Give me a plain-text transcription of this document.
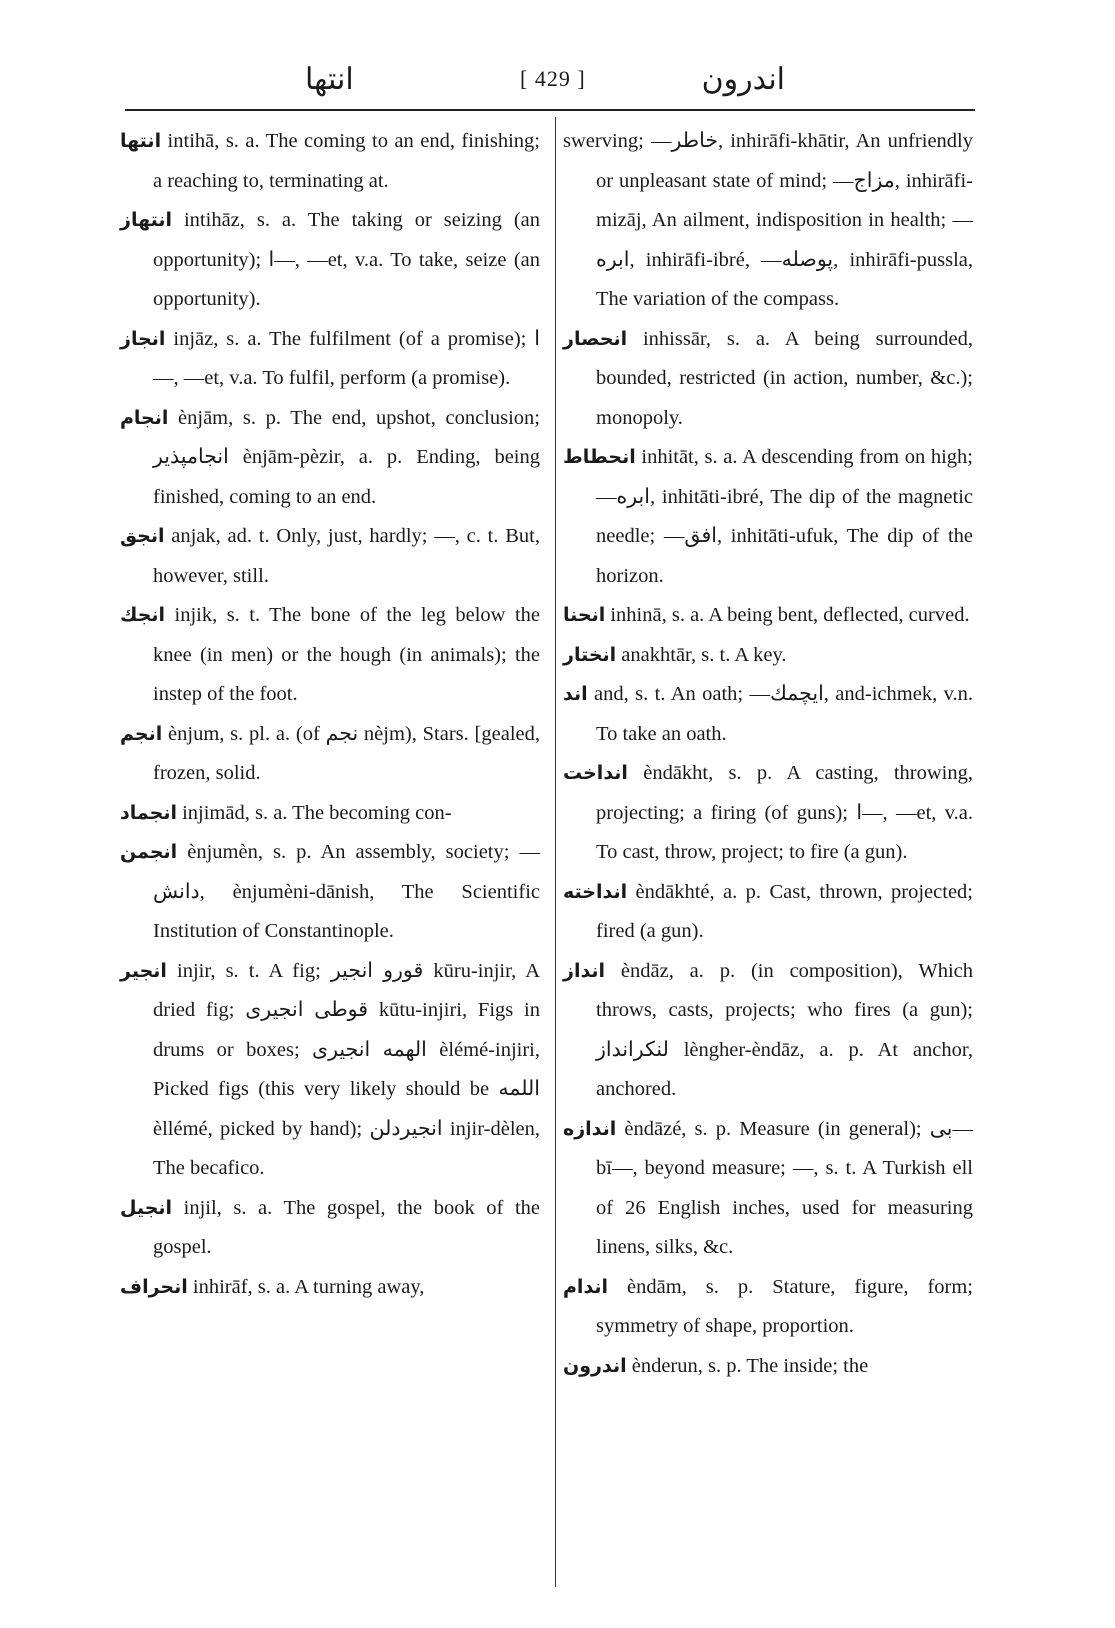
انتها	[ 429 ]	اندرون

انتها intihā, s. a. The coming to an end, finishing; a reaching to, terminating at.

انتهاز intihāz, s. a. The taking or seizing (an opportunity); ا—, —et, v.a. To take, seize (an opportunity).

انجاز injāz, s. a. The fulfilment (of a promise); ا—, —et, v.a. To fulfil, perform (a promise).

انجام ènjām, s. p. The end, upshot, conclusion; انجامپذیر ènjām-pèzir, a. p. Ending, being finished, coming to an end.

انجق anjak, ad. t. Only, just, hardly; —, c. t. But, however, still.

انجك injik, s. t. The bone of the leg below the knee (in men) or the hough (in animals); the instep of the foot.

انجم ènjum, s. pl. a. (of نجم nèjm), Stars. [gealed, frozen, solid.

انجماد injimād, s. a. The becoming con-

انجمن ènjumèn, s. p. An assembly, society; —دانش, ènjumèni-dānish, The Scientific Institution of Constantinople.

انجیر injir, s. t. A fig; قورو انجیر kūru-injir, A dried fig; قوطی انجیری kūtu-injiri, Figs in drums or boxes; الهمه انجیری èlémé-injiri, Picked figs (this very likely should be اللمه èllémé, picked by hand); انجیردلن injir-dèlen, The becafico.

انجیل injil, s. a. The gospel, the book of the gospel.

انحراف inhirāf, s. a. A turning away,

swerving; —خاطر, inhirāfi-khātir, An unfriendly or unpleasant state of mind; —مزاج, inhirāfi-mizāj, An ailment, indisposition in health; —ابره, inhirāfi-ibré, —پوصله, inhirāfi-pussla, The variation of the compass.

انحصار inhissār, s. a. A being surrounded, bounded, restricted (in action, number, &c.); monopoly.

انحطاط inhitāt, s. a. A descending from on high; —ابره, inhitāti-ibré, The dip of the magnetic needle; —افق, inhitāti-ufuk, The dip of the horizon.

انحنا inhinā, s. a. A being bent, deflected, curved.

انختار anakhtār, s. t. A key.

اند and, s. t. An oath; —ایچمك, and-ichmek, v.n. To take an oath.

انداخت èndākht, s. p. A casting, throwing, projecting; a firing (of guns); ا—, —et, v.a. To cast, throw, project; to fire (a gun).

انداخته èndākhté, a. p. Cast, thrown, projected; fired (a gun).

انداز èndāz, a. p. (in composition), Which throws, casts, projects; who fires (a gun); لنکرانداز lèngher-èndāz, a. p. At anchor, anchored.

اندازه èndāzé, s. p. Measure (in general); بی— bī—, beyond measure; —, s. t. A Turkish ell of 26 English inches, used for measuring linens, silks, &c.

اندام èndām, s. p. Stature, figure, form; symmetry of shape, proportion.

اندرون ènderun, s. p. The inside; the
